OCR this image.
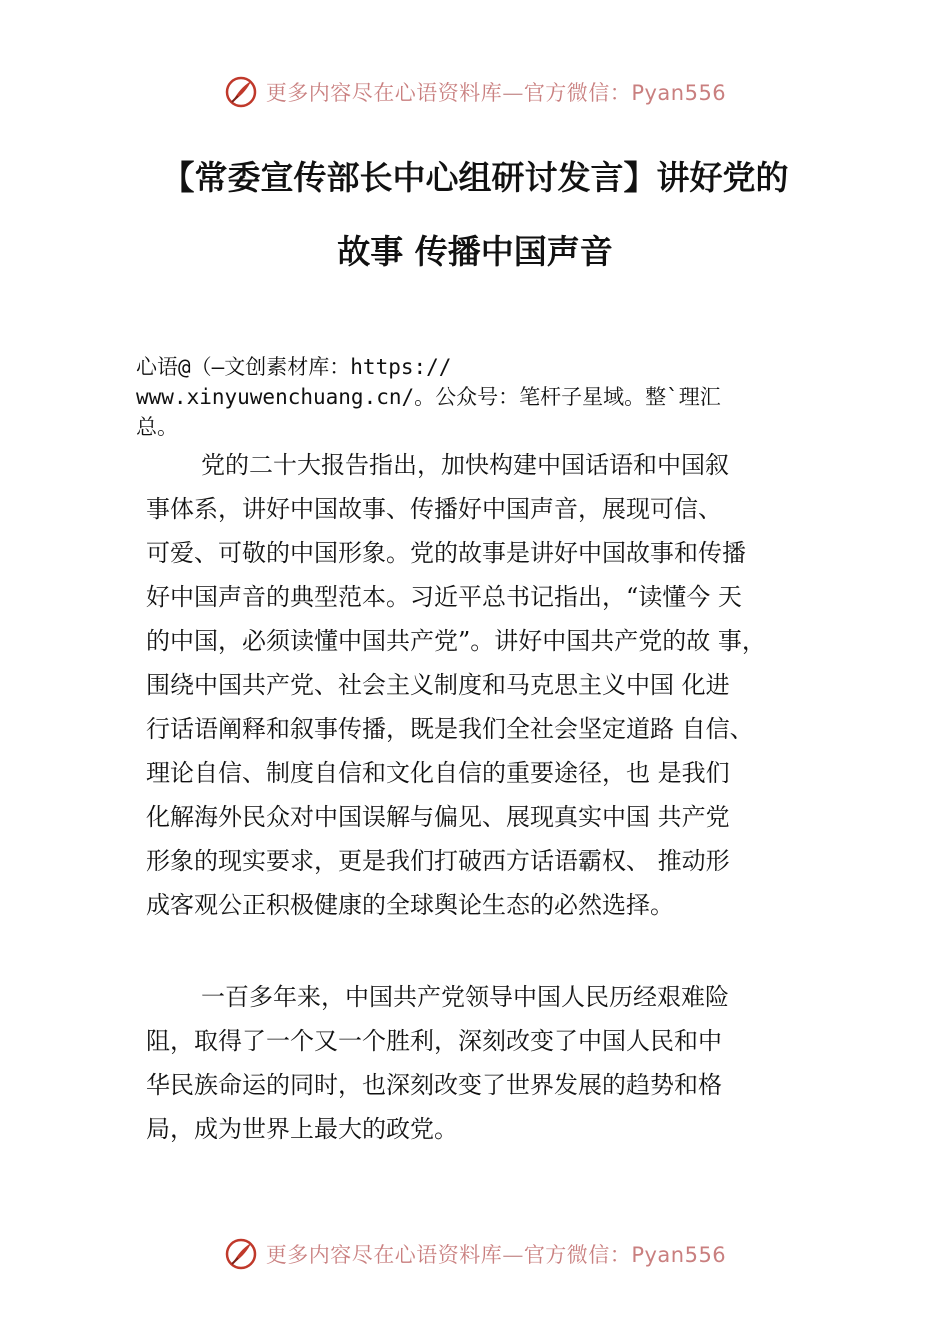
更多内容尽在心语资料库—官方微信：Pyan556
【常委宣传部长中心组研讨发言】讲好党的
故事 传播中国声音
心语@（—文创素材库：https://
www.xinyuwenchuang.cn/。公众号：笔杆子星域。整`理汇
总。
党的二十大报告指出，加快构建中国话语和中国叙
事体系，讲好中国故事、传播好中国声音，展现可信、
可爱、可敬的中国形象。党的故事是讲好中国故事和传播
好中国声音的典型范本。习近平总书记指出，“读懂今 天
的中国，必须读懂中国共产党”。讲好中国共产党的故 事，
围绕中国共产党、社会主义制度和马克思主义中国 化进
行话语阐释和叙事传播，既是我们全社会坚定道路 自信、
理论自信、制度自信和文化自信的重要途径，也 是我们
化解海外民众对中国误解与偏见、展现真实中国 共产党
形象的现实要求，更是我们打破西方话语霸权、 推动形
成客观公正积极健康的全球舆论生态的必然选择。
一百多年来，中国共产党领导中国人民历经艰难险
阻，取得了一个又一个胜利，深刻改变了中国人民和中
华民族命运的同时，也深刻改变了世界发展的趋势和格
局，成为世界上最大的政党。
更多内容尽在心语资料库—官方微信：Pyan556
